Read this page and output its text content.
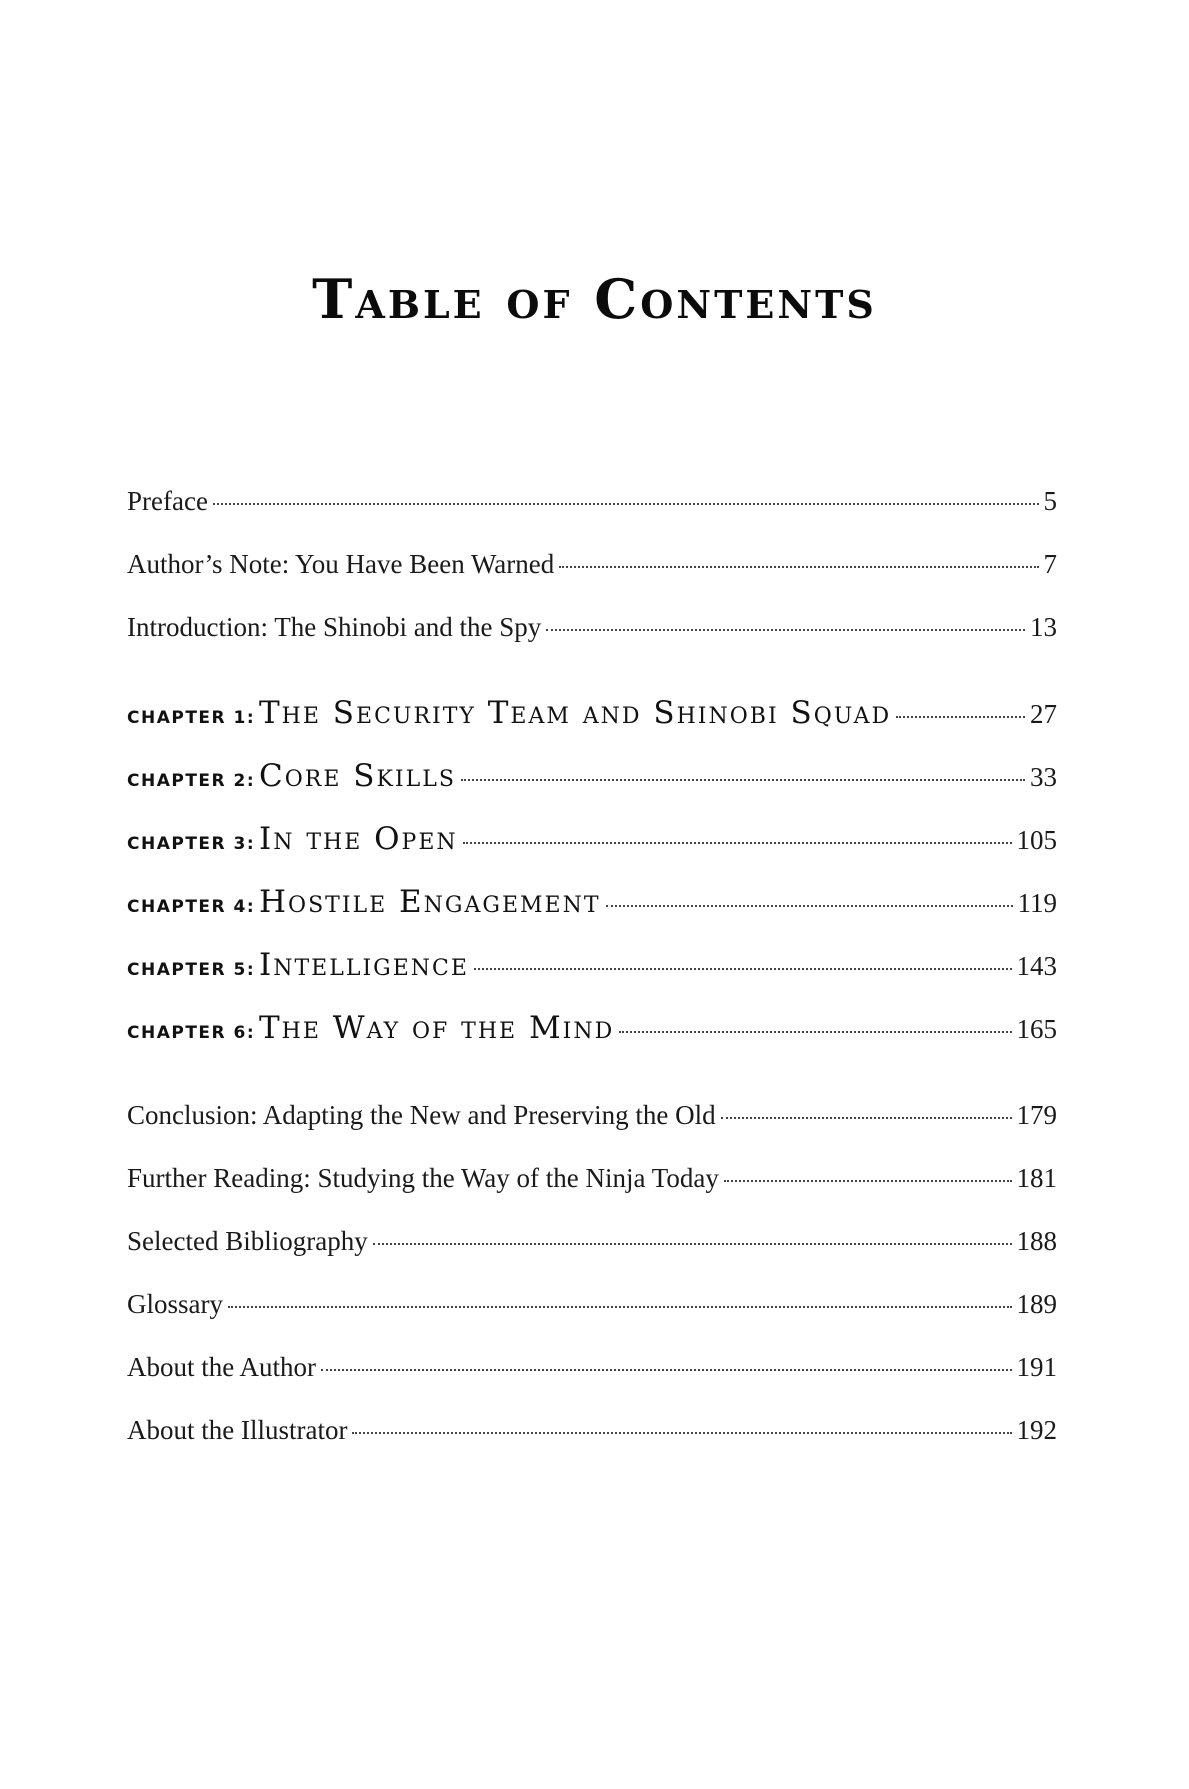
Table of Contents
Preface	5
Author’s Note: You Have Been Warned	7
Introduction: The Shinobi and the Spy	13
CHAPTER 1: The Security Team and Shinobi Squad	27
CHAPTER 2: Core Skills	33
CHAPTER 3: In the Open	105
CHAPTER 4: Hostile Engagement	119
CHAPTER 5: Intelligence	143
CHAPTER 6: The Way of the Mind	165
Conclusion: Adapting the New and Preserving the Old	179
Further Reading: Studying the Way of the Ninja Today	181
Selected Bibliography	188
Glossary	189
About the Author	191
About the Illustrator	192
